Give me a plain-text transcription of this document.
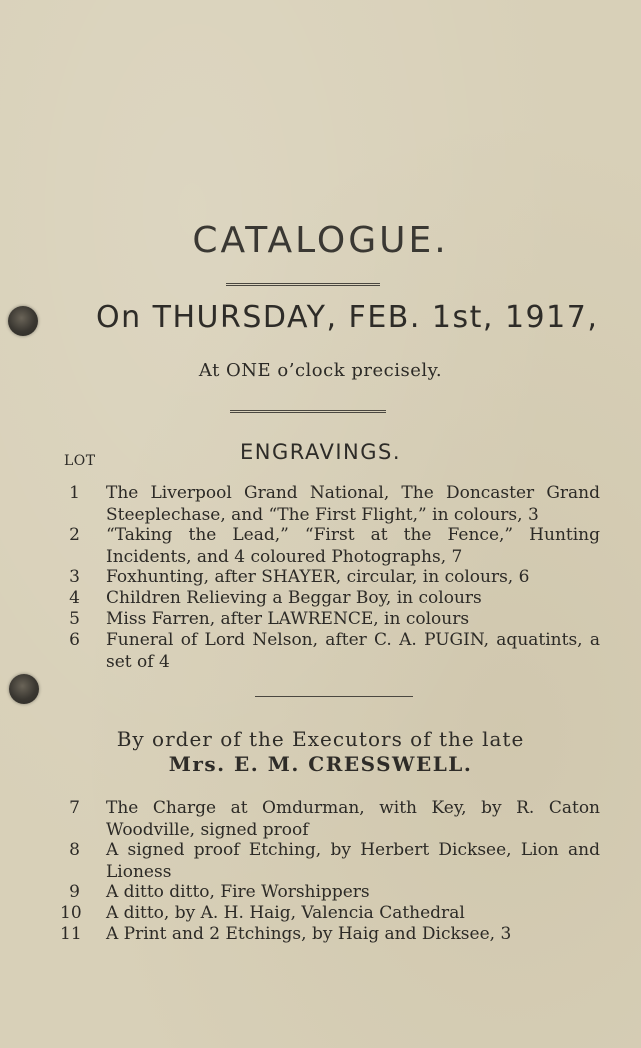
CATALOGUE.
On THURSDAY, FEB. 1st, 1917,
At ONE o’clock precisely.
ENGRAVINGS.
LOT
1 The Liverpool Grand National, The Doncaster Grand Steeplechase, and “The First Flight,” in colours, 3
2 “Taking the Lead,” “First at the Fence,” Hunting Incidents, and 4 coloured Photographs, 7
3 Foxhunting, after SHAYER, circular, in colours, 6
4 Children Relieving a Beggar Boy, in colours
5 Miss Farren, after LAWRENCE, in colours
6 Funeral of Lord Nelson, after C. A. PUGIN, aquatints, a set of 4
By order of the Executors of the late
Mrs. E. M. CRESSWELL.
7 The Charge at Omdurman, with Key, by R. Caton Woodville, signed proof
8 A signed proof Etching, by Herbert Dicksee, Lion and Lioness
9 A ditto ditto, Fire Worshippers
10 A ditto, by A. H. Haig, Valencia Cathedral
11 A Print and 2 Etchings, by Haig and Dicksee, 3
